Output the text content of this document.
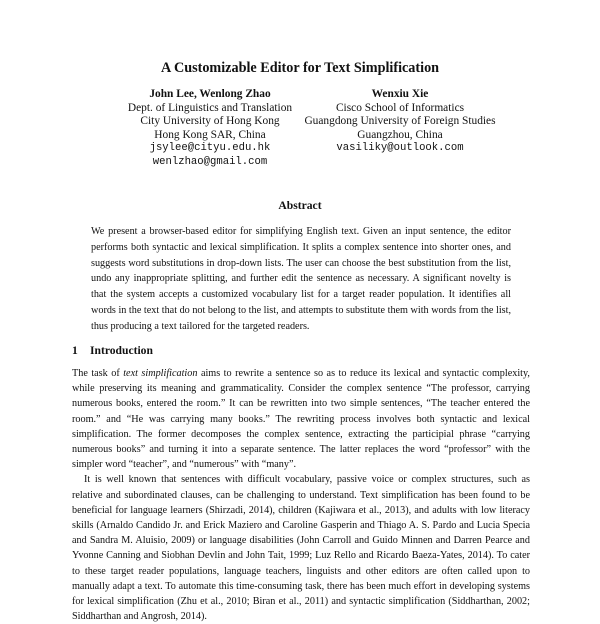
A Customizable Editor for Text Simplification
John Lee, Wenlong Zhao
Dept. of Linguistics and Translation
City University of Hong Kong
Hong Kong SAR, China
jsylee@cityu.edu.hk
wenlzhao@gmail.com
Wenxiu Xie
Cisco School of Informatics
Guangdong University of Foreign Studies
Guangzhou, China
vasiliky@outlook.com
Abstract
We present a browser-based editor for simplifying English text. Given an input sentence, the editor performs both syntactic and lexical simplification. It splits a complex sentence into shorter ones, and suggests word substitutions in drop-down lists. The user can choose the best substitution from the list, undo any inappropriate splitting, and further edit the sentence as necessary. A significant novelty is that the system accepts a customized vocabulary list for a target reader population. It identifies all words in the text that do not belong to the list, and attempts to substitute them with words from the list, thus producing a text tailored for the targeted readers.
1 Introduction

The task of text simplification aims to rewrite a sentence so as to reduce its lexical and syntactic complexity, while preserving its meaning and grammaticality. Consider the complex sentence “The professor, carrying numerous books, entered the room.” It can be rewritten into two simple sentences, “The teacher entered the room.” and “He was carrying many books.” The rewriting process involves both syntactic and lexical simplification. The former decomposes the complex sentence, extracting the participial phrase “carrying numerous books” and turning it into a separate sentence. The latter replaces the word “professor” with the simpler word “teacher”, and “numerous” with “many”.

It is well known that sentences with difficult vocabulary, passive voice or complex structures, such as relative and subordinated clauses, can be challenging to understand. Text simplification has been found to be beneficial for language learners (Shirzadi, 2014), children (Kajiwara et al., 2013), and adults with low literacy skills (Arnaldo Candido Jr. and Erick Maziero and Caroline Gasperin and Thiago A. S. Pardo and Lucia Specia and Sandra M. Aluisio, 2009) or language disabilities (John Carroll and Guido Minnen and Darren Pearce and Yvonne Canning and Siobhan Devlin and John Tait, 1999; Luz Rello and Ricardo Baeza-Yates, 2014). To cater to these target reader populations, language teachers, linguists and other editors are often called upon to manually adapt a text. To automate this time-consuming task, there has been much effort in developing systems for lexical simplification (Zhu et al., 2010; Biran et al., 2011) and syntactic simplification (Siddharthan, 2002; Siddharthan and Angrosh, 2014).
